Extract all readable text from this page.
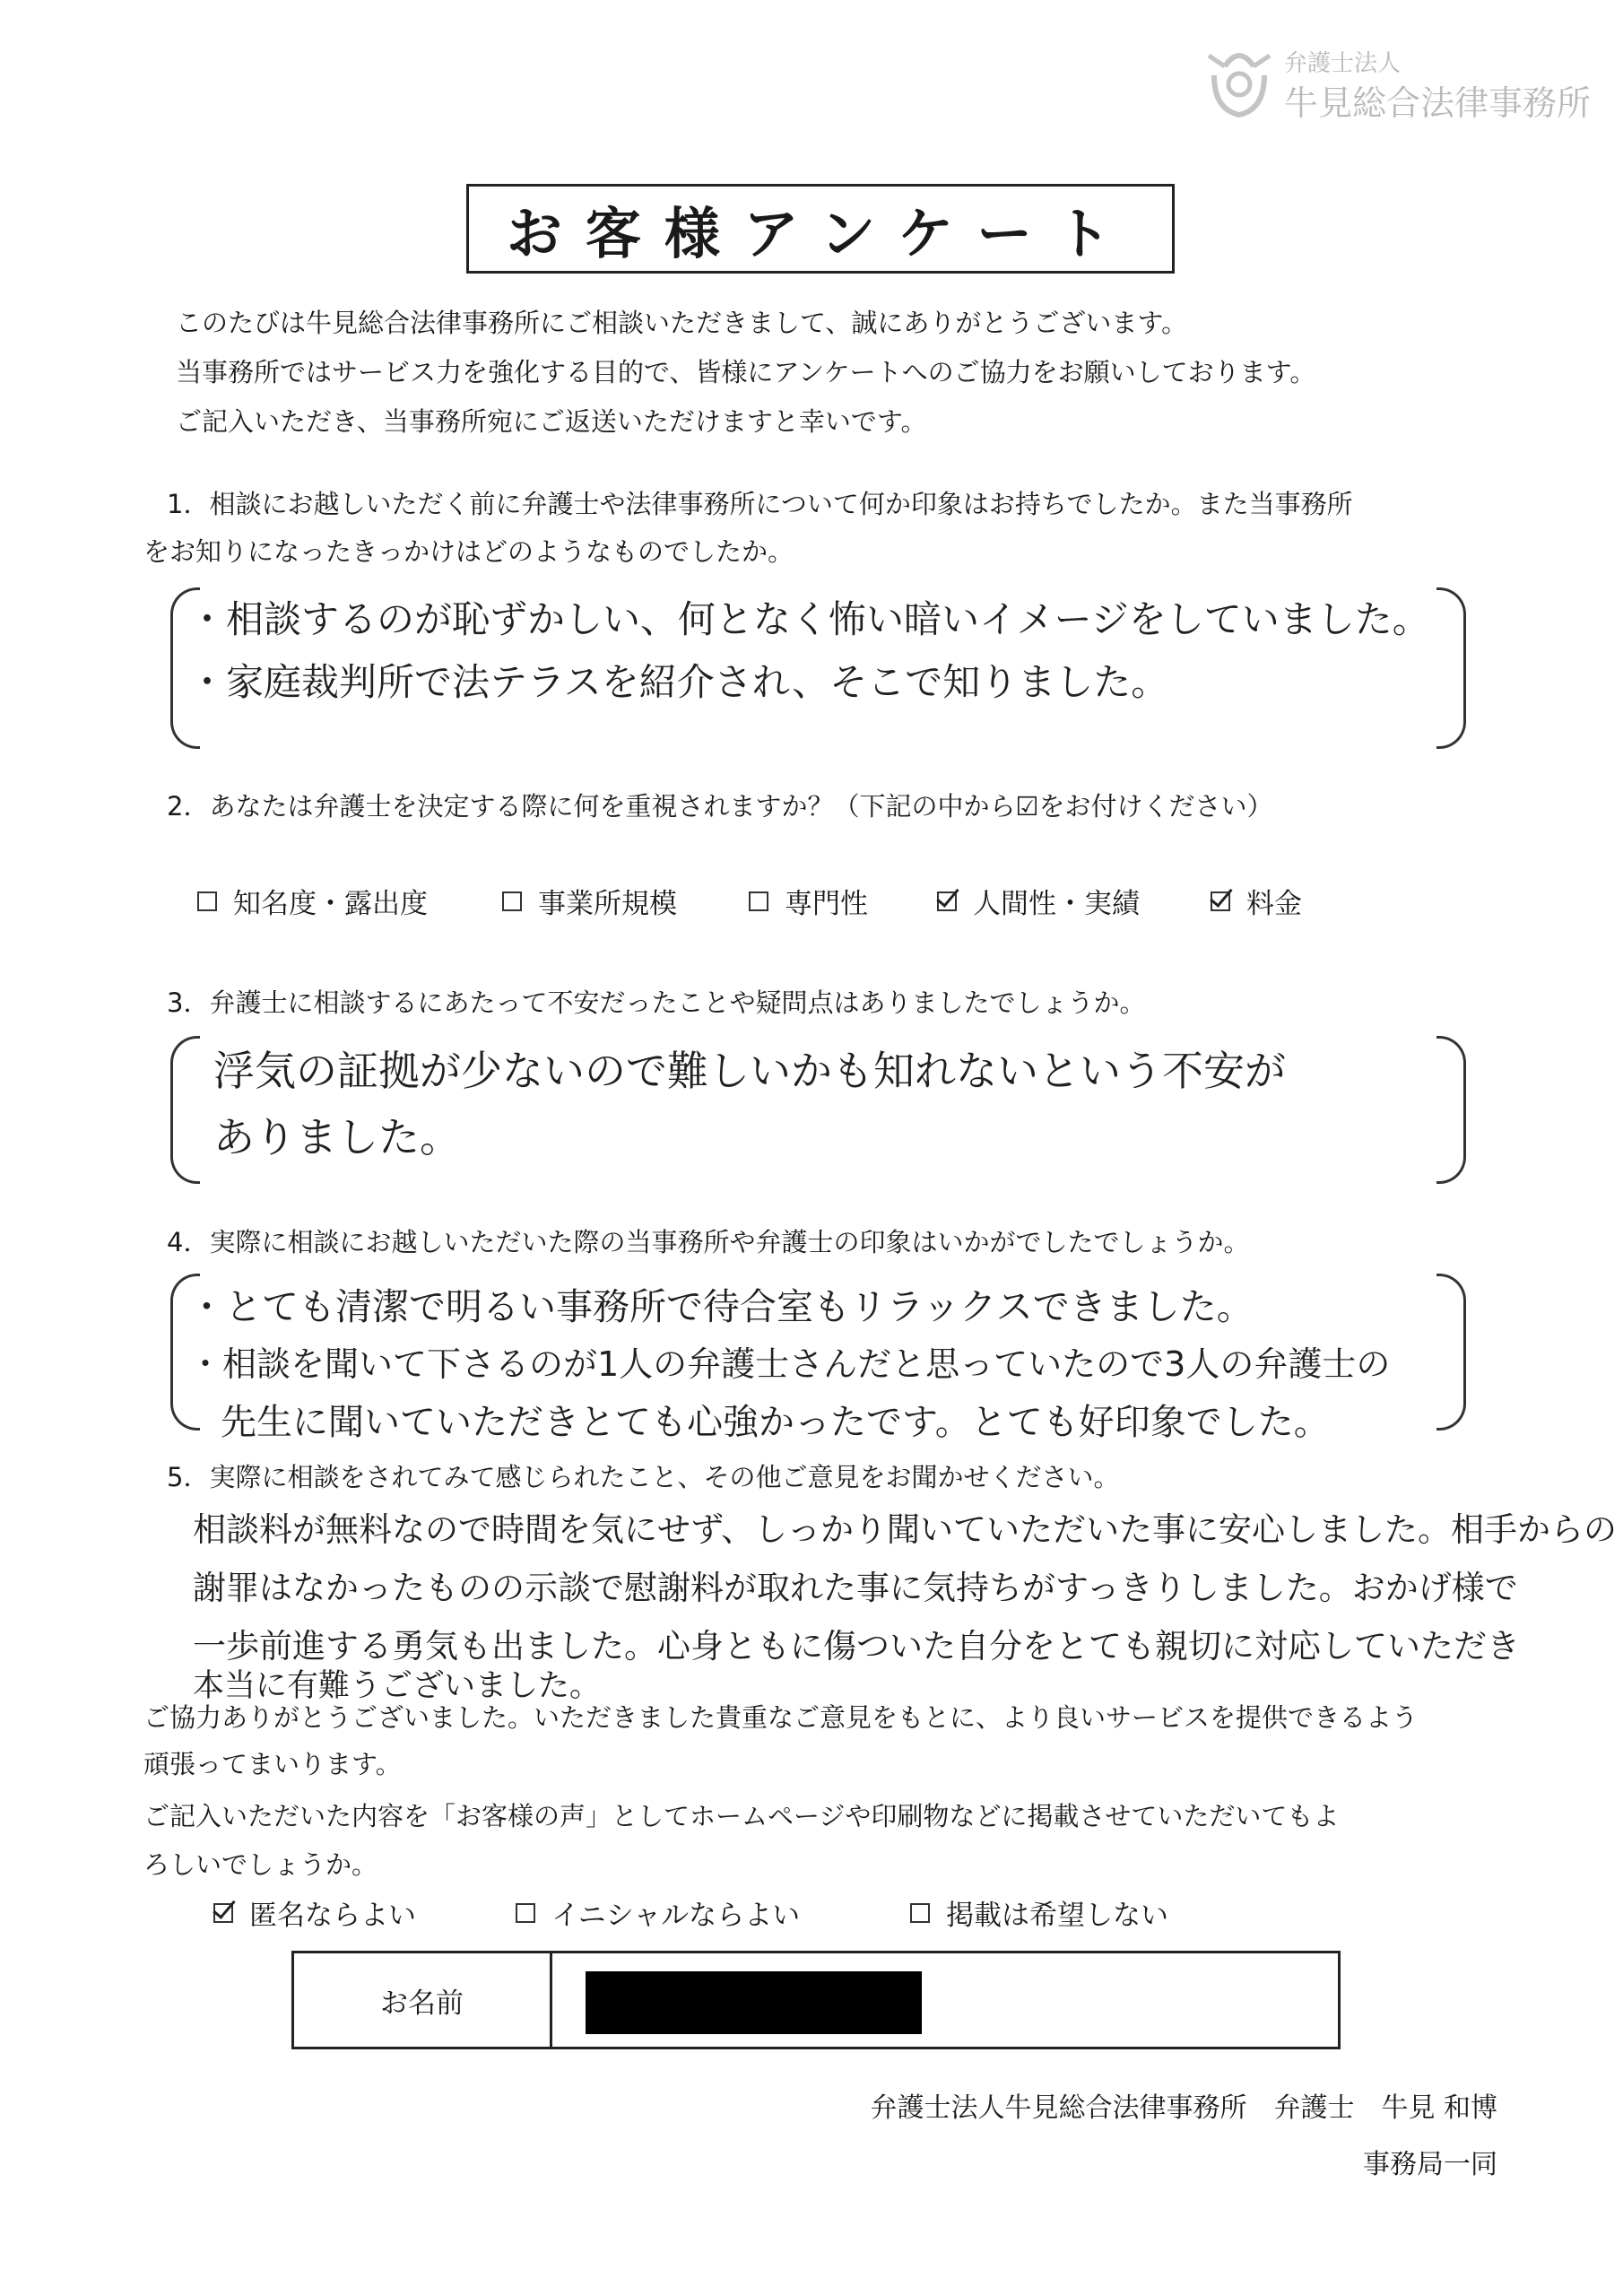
弁護士法人
牛見総合法律事務所
お客様アンケート
このたびは牛見総合法律事務所にご相談いただきまして、誠にありがとうございます。
当事務所ではサービス力を強化する目的で、皆様にアンケートへのご協力をお願いしております。
ご記入いただき、当事務所宛にご返送いただけますと幸いです。
1．相談にお越しいただく前に弁護士や法律事務所について何か印象はお持ちでしたか。また当事務所
をお知りになったきっかけはどのようなものでしたか。
・相談するのが恥ずかしい、何となく怖い暗いイメージをしていました。
・家庭裁判所で法テラスを紹介され、そこで知りました。
2．あなたは弁護士を決定する際に何を重視されますか？（下記の中から☑をお付けください）
知名度・露出度	事業所規模	専門性	人間性・実績	料金
3．弁護士に相談するにあたって不安だったことや疑問点はありましたでしょうか。
浮気の証拠が少ないので難しいかも知れないという不安が
ありました。
4．実際に相談にお越しいただいた際の当事務所や弁護士の印象はいかがでしたでしょうか。
・とても清潔で明るい事務所で待合室もリラックスできました。
・相談を聞いて下さるのが1人の弁護士さんだと思っていたので3人の弁護士の
先生に聞いていただきとても心強かったです。とても好印象でした。
5．実際に相談をされてみて感じられたこと、その他ご意見をお聞かせください。
相談料が無料なので時間を気にせず、しっかり聞いていただいた事に安心しました。相手からの
謝罪はなかったものの示談で慰謝料が取れた事に気持ちがすっきりしました。おかげ様で
一歩前進する勇気も出ました。心身ともに傷ついた自分をとても親切に対応していただき
本当に有難うございました。
ご協力ありがとうございました。いただきました貴重なご意見をもとに、より良いサービスを提供できるよう
頑張ってまいります。
ご記入いただいた内容を「お客様の声」としてホームページや印刷物などに掲載させていただいてもよ
ろしいでしょうか。
匿名ならよい	イニシャルならよい	掲載は希望しない
お名前
弁護士法人牛見総合法律事務所　弁護士　牛見 和博
事務局一同
